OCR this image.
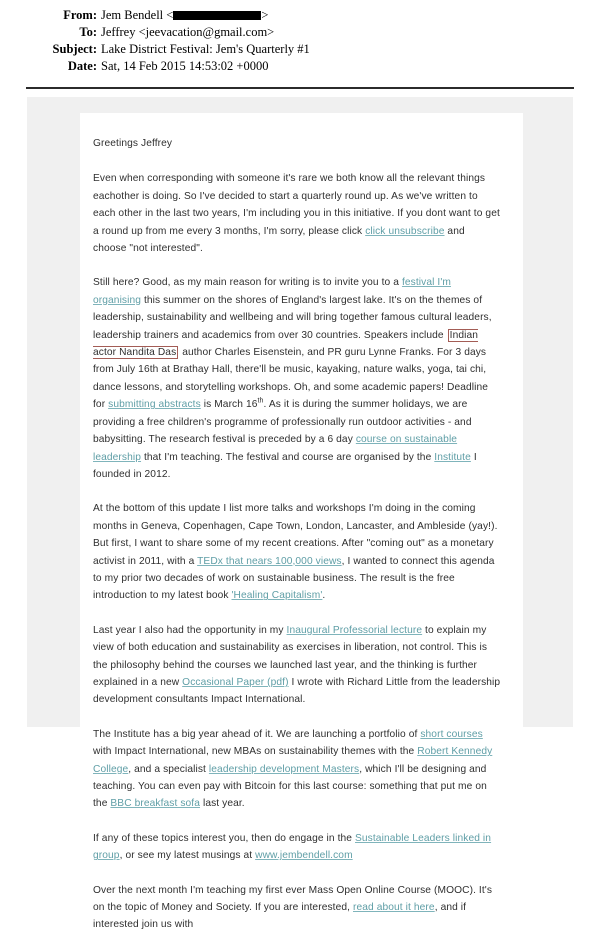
From: Jem Bendell <	>
To: Jeffrey <jeevacation@gmail.com>
Subject: Lake District Festival: Jem's Quarterly #1
Date: Sat, 14 Feb 2015 14:53:02 +0000

Greetings Jeffrey

Even when corresponding with someone it's rare we both know all the relevant things eachother is doing. So I've decided to start a quarterly round up. As we've written to each other in the last two years, I'm including you in this initiative. If you dont want to get a round up from me every 3 months, I'm sorry, please click click unsubscribe and choose "not interested".

Still here? Good, as my main reason for writing is to invite you to a festival I'm organising this summer on the shores of England's largest lake. It's on the themes of leadership, sustainability and wellbeing and will bring together famous cultural leaders, leadership trainers and academics from over 30 countries. Speakers include Indian actor Nandita Das author Charles Eisenstein, and PR guru Lynne Franks. For 3 days from July 16th at Brathay Hall, there'll be music, kayaking, nature walks, yoga, tai chi, dance lessons, and storytelling workshops. Oh, and some academic papers! Deadline for submitting abstracts is March 16th. As it is during the summer holidays, we are providing a free children's programme of professionally run outdoor activities - and babysitting. The research festival is preceded by a 6 day course on sustainable leadership that I'm teaching. The festival and course are organised by the Institute I founded in 2012.

At the bottom of this update I list more talks and workshops I'm doing in the coming months in Geneva, Copenhagen, Cape Town, London, Lancaster, and Ambleside (yay!). But first, I want to share some of my recent creations. After "coming out" as a monetary activist in 2011, with a TEDx that nears 100,000 views, I wanted to connect this agenda to my prior two decades of work on sustainable business. The result is the free introduction to my latest book 'Healing Capitalism'.

Last year I also had the opportunity in my Inaugural Professorial lecture to explain my view of both education and sustainability as exercises in liberation, not control. This is the philosophy behind the courses we launched last year, and the thinking is further explained in a new Occasional Paper (pdf) I wrote with Richard Little from the leadership development consultants Impact International.

The Institute has a big year ahead of it. We are launching a portfolio of short courses with Impact International, new MBAs on sustainability themes with the Robert Kennedy College, and a specialist leadership development Masters, which I'll be designing and teaching. You can even pay with Bitcoin for this last course: something that put me on the BBC breakfast sofa last year.

If any of these topics interest you, then do engage in the Sustainable Leaders linked in group, or see my latest musings at www.jembendell.com

Over the next month I'm teaching my first ever Mass Open Online Course (MOOC). It's on the topic of Money and Society. If you are interested, read about it here, and if interested join us with
